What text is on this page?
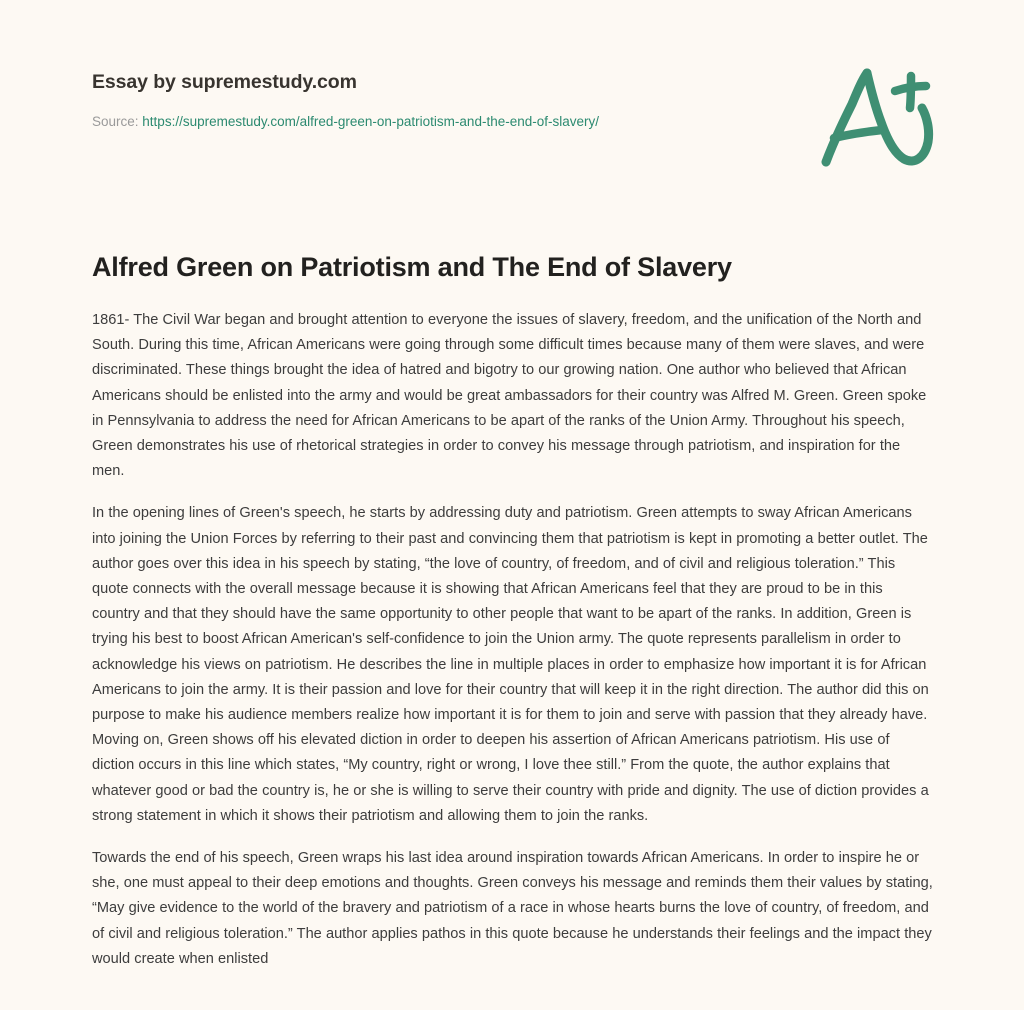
Essay by supremestudy.com
Source: https://supremestudy.com/alfred-green-on-patriotism-and-the-end-of-slavery/
Alfred Green on Patriotism and The End of Slavery

1861- The Civil War began and brought attention to everyone the issues of slavery, freedom, and the unification of the North and South. During this time, African Americans were going through some difficult times because many of them were slaves, and were discriminated. These things brought the idea of hatred and bigotry to our growing nation. One author who believed that African Americans should be enlisted into the army and would be great ambassadors for their country was Alfred M. Green. Green spoke in Pennsylvania to address the need for African Americans to be apart of the ranks of the Union Army. Throughout his speech, Green demonstrates his use of rhetorical strategies in order to convey his message through patriotism, and inspiration for the men.

In the opening lines of Green's speech, he starts by addressing duty and patriotism. Green attempts to sway African Americans into joining the Union Forces by referring to their past and convincing them that patriotism is kept in promoting a better outlet. The author goes over this idea in his speech by stating, “the love of country, of freedom, and of civil and religious toleration.” This quote connects with the overall message because it is showing that African Americans feel that they are proud to be in this country and that they should have the same opportunity to other people that want to be apart of the ranks. In addition, Green is trying his best to boost African American's self-confidence to join the Union army. The quote represents parallelism in order to acknowledge his views on patriotism. He describes the line in multiple places in order to emphasize how important it is for African Americans to join the army. It is their passion and love for their country that will keep it in the right direction. The author did this on purpose to make his audience members realize how important it is for them to join and serve with passion that they already have. Moving on, Green shows off his elevated diction in order to deepen his assertion of African Americans patriotism. His use of diction occurs in this line which states, “My country, right or wrong, I love thee still.” From the quote, the author explains that whatever good or bad the country is, he or she is willing to serve their country with pride and dignity. The use of diction provides a strong statement in which it shows their patriotism and allowing them to join the ranks.

Towards the end of his speech, Green wraps his last idea around inspiration towards African Americans. In order to inspire he or she, one must appeal to their deep emotions and thoughts. Green conveys his message and reminds them their values by stating, “May give evidence to the world of the bravery and patriotism of a race in whose hearts burns the love of country, of freedom, and of civil and religious toleration.” The author applies pathos in this quote because he understands their feelings and the impact they would create when enlisted
